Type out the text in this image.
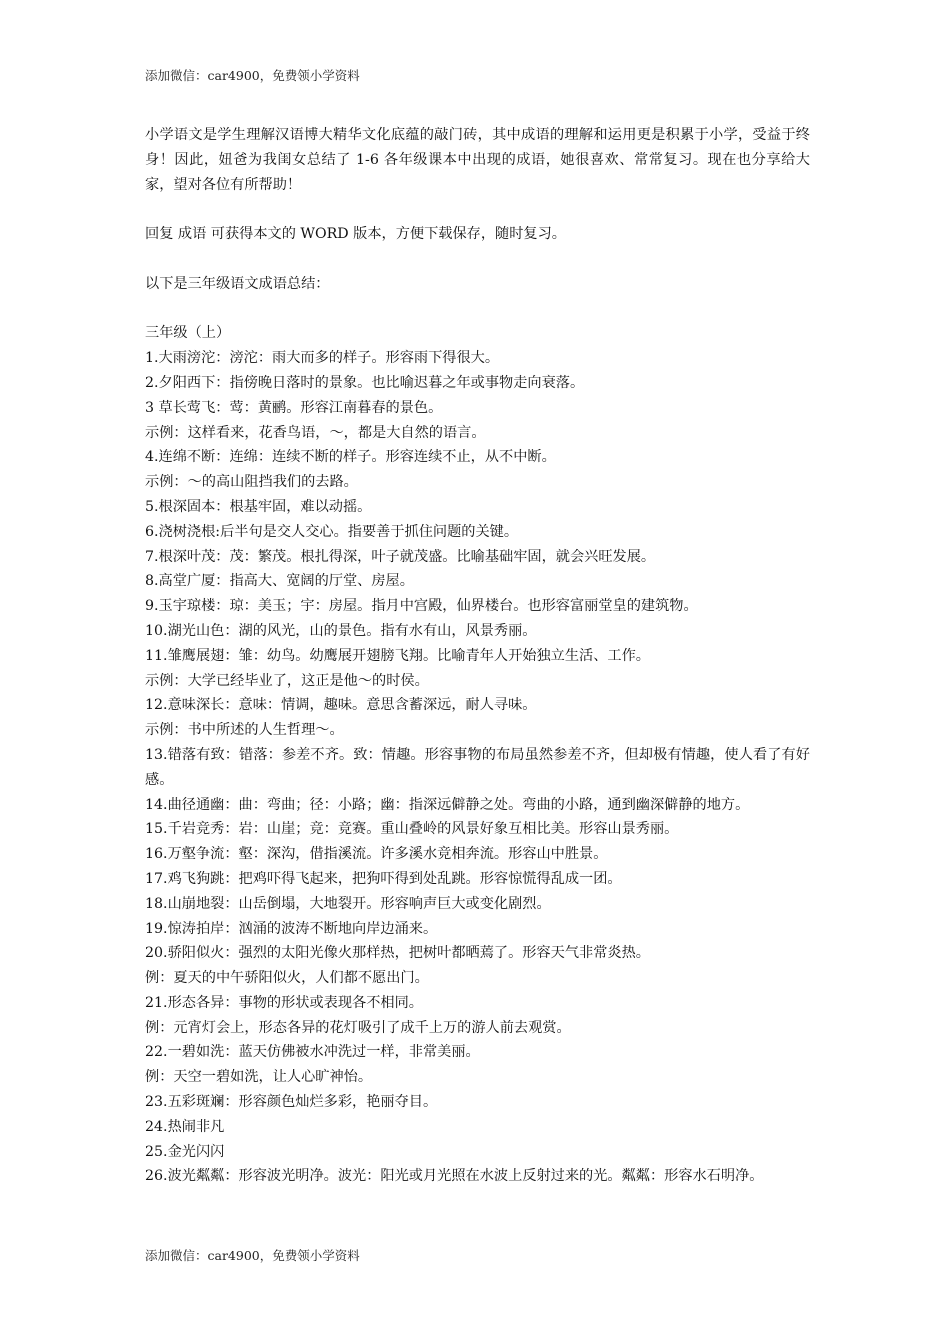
添加微信：car4900，免费领小学资料

小学语文是学生理解汉语博大精华文化底蕴的敲门砖，其中成语的理解和运用更是积累于小学，受益于终身！因此，妞爸为我闺女总结了 1-6 各年级课本中出现的成语，她很喜欢、常常复习。现在也分享给大家，望对各位有所帮助！

回复 成语 可获得本文的 WORD 版本，方便下载保存，随时复习。

以下是三年级语文成语总结：

三年级（上）

1.大雨滂沱：滂沱：雨大而多的样子。形容雨下得很大。
2.夕阳西下：指傍晚日落时的景象。也比喻迟暮之年或事物走向衰落。
3 草长莺飞：莺：黄鹂。形容江南暮春的景色。
示例：这样看来，花香鸟语，～，都是大自然的语言。
4.连绵不断：连绵：连续不断的样子。形容连续不止，从不中断。
示例：～的高山阻挡我们的去路。
5.根深固本：根基牢固，难以动摇。
6.浇树浇根:后半句是交人交心。指要善于抓住问题的关键。
7.根深叶茂：茂：繁茂。根扎得深，叶子就茂盛。比喻基础牢固，就会兴旺发展。
8.高堂广厦：指高大、宽阔的厅堂、房屋。
9.玉宇琼楼：琼：美玉；宇：房屋。指月中宫殿，仙界楼台。也形容富丽堂皇的建筑物。
10.湖光山色：湖的风光，山的景色。指有水有山，风景秀丽。
11.雏鹰展翅：雏：幼鸟。幼鹰展开翅膀飞翔。比喻青年人开始独立生活、工作。
示例：大学已经毕业了，这正是他～的时侯。
12.意味深长：意味：情调，趣味。意思含蓄深远，耐人寻味。
示例：书中所述的人生哲理～。
13.错落有致：错落：参差不齐。致：情趣。形容事物的布局虽然参差不齐，但却极有情趣，使人看了有好感。
14.曲径通幽：曲：弯曲；径：小路；幽：指深远僻静之处。弯曲的小路，通到幽深僻静的地方。
15.千岩竞秀：岩：山崖；竞：竞赛。重山叠岭的风景好象互相比美。形容山景秀丽。
16.万壑争流：壑：深沟，借指溪流。许多溪水竞相奔流。形容山中胜景。
17.鸡飞狗跳：把鸡吓得飞起来，把狗吓得到处乱跳。形容惊慌得乱成一团。
18.山崩地裂：山岳倒塌，大地裂开。形容响声巨大或变化剧烈。
19.惊涛拍岸：汹涌的波涛不断地向岸边涌来。
20.骄阳似火：强烈的太阳光像火那样热，把树叶都晒蔫了。形容天气非常炎热。
例：夏天的中午骄阳似火，人们都不愿出门。
21.形态各异：事物的形状或表现各不相同。
例：元宵灯会上，形态各异的花灯吸引了成千上万的游人前去观赏。
22.一碧如洗：蓝天仿佛被水冲洗过一样，非常美丽。
例：天空一碧如洗，让人心旷神怡。
23.五彩斑斓：形容颜色灿烂多彩，艳丽夺目。
24.热闹非凡
25.金光闪闪
26.波光粼粼：形容波光明净。波光：阳光或月光照在水波上反射过来的光。粼粼：形容水石明净。
添加微信：car4900，免费领小学资料
